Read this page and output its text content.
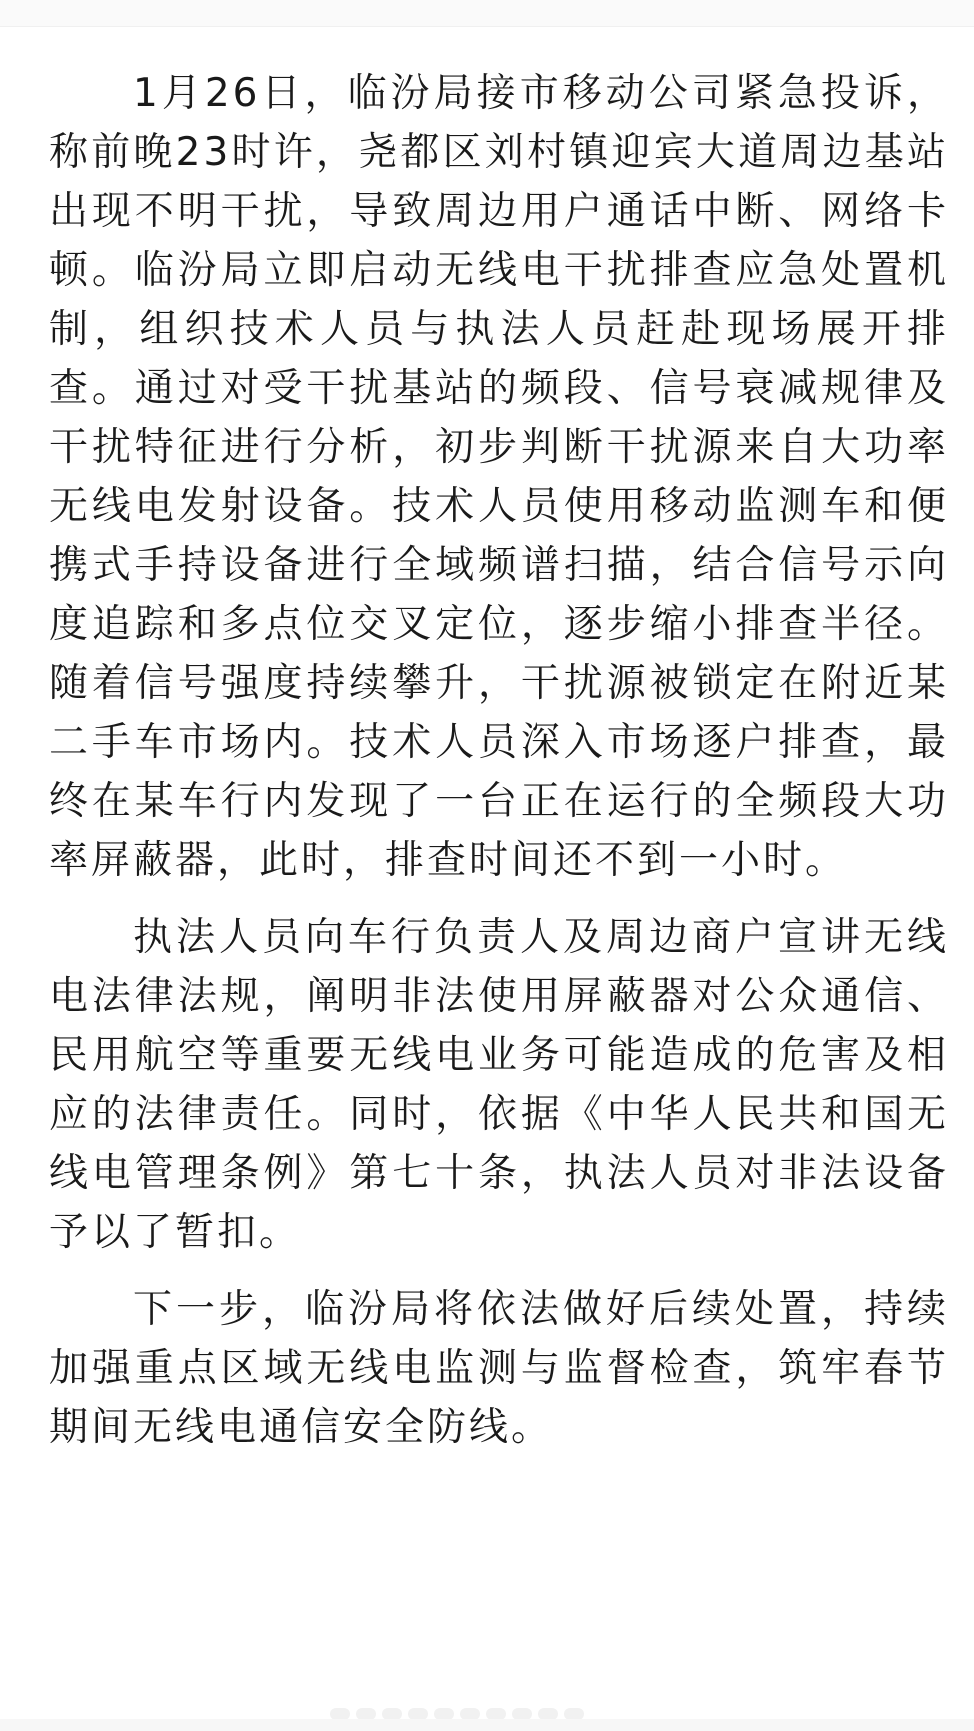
1月26日，临汾局接市移动公司紧急投诉，称前晚23时许，尧都区刘村镇迎宾大道周边基站出现不明干扰，导致周边用户通话中断、网络卡顿。临汾局立即启动无线电干扰排查应急处置机制，组织技术人员与执法人员赶赴现场展开排查。通过对受干扰基站的频段、信号衰减规律及干扰特征进行分析，初步判断干扰源来自大功率无线电发射设备。技术人员使用移动监测车和便携式手持设备进行全域频谱扫描，结合信号示向度追踪和多点位交叉定位，逐步缩小排查半径。随着信号强度持续攀升，干扰源被锁定在附近某二手车市场内。技术人员深入市场逐户排查，最终在某车行内发现了一台正在运行的全频段大功率屏蔽器，此时，排查时间还不到一小时。

执法人员向车行负责人及周边商户宣讲无线电法律法规，阐明非法使用屏蔽器对公众通信、民用航空等重要无线电业务可能造成的危害及相应的法律责任。同时，依据《中华人民共和国无线电管理条例》第七十条，执法人员对非法设备予以了暂扣。

下一步，临汾局将依法做好后续处置，持续加强重点区域无线电监测与监督检查，筑牢春节期间无线电通信安全防线。
